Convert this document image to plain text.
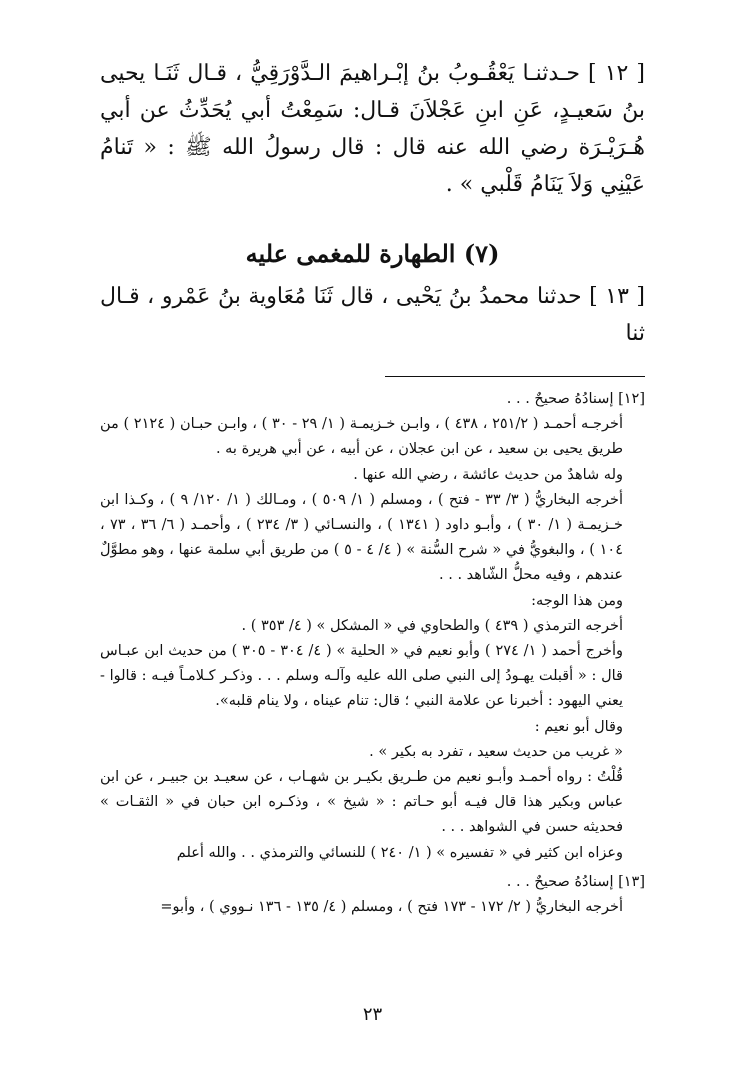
[ ١٢ ] حـدثنـا يَعْقُـوبُ بنُ إبْـراهيمَ الـدَّوْرَقِيُّ ، قـال ثَنَـا يحيى بنُ سَعيـدٍ، عَنِ ابنِ عَجْلاَنَ قـال: سَمِعْتُ أبي يُحَدِّثُ عن أبي هُـرَيْـرَة رضي الله عنه قال : قال رسولُ الله ﷺ : « تَنامُ عَيْنِي وَلاَ يَنَامُ قَلْبي » .

(٧) الطهارة للمغمى عليه

[ ١٣ ] حدثنا محمدُ بنُ يَحْيى ، قال ثَنَا مُعَاوية بنُ عَمْرو ، قـال ثنا

[١٢] إسنادُهُ صحيحٌ . . .

أخرجـه أحمـد ( ٢٥١/٢ ، ٤٣٨ ) ، وابـن خـزيمـة ( ١/ ٢٩ - ٣٠ ) ، وابـن حبـان ( ٢١٢٤ ) من طريق يحيى بن سعيد ، عن ابن عجلان ، عن أبيه ، عن أبي هريرة به .

وله شاهدٌ من حديث عائشة ، رضي الله عنها .

أخرجه البخاريُّ ( ٣/ ٣٣ - فتح ) ، ومسلم ( ١/ ٥٠٩ ) ، ومـالك ( ١/ ١٢٠/ ٩ ) ، وكـذا ابن خـزيمـة ( ١/ ٣٠ ) ، وأبـو داود ( ١٣٤١ ) ، والنسـائي ( ٣/ ٢٣٤ ) ، وأحمـد ( ٦/ ٣٦ ، ٧٣ ، ١٠٤ ) ، والبغويُّ في « شرح السُّنة » ( ٤/ ٤ - ٥ ) من طريق أبي سلمة عنها ، وهو مطوَّلٌ عندهم ، وفيه محلُّ الشّاهد . . .

ومن هذا الوجه:

أخرجه الترمذي ( ٤٣٩ ) والطحاوي في « المشكل » ( ٤/ ٣٥٣ ) .

وأخرج أحمد ( ١/ ٢٧٤ ) وأبو نعيم في « الحلية » ( ٤/ ٣٠٤ - ٣٠٥ ) من حديث ابن عبـاس قال : « أقبلت يهـودُ إلى النبي صلى الله عليه وآلـه وسلم . . . وذكـر كـلامـاً فيـه : قالوا - يعني اليهود : أخبرنا عن علامة النبي ؛ قال: تنام عيناه ، ولا ينام قلبه».

وقال أبو نعيم :

« غريب من حديث سعيد ، تفرد به بكير » .

قُلْتُ : رواه أحمـد وأبـو نعيم من طـريق بكيـر بن شهـاب ، عن سعيـد بن جبيـر ، عن ابن عباس وبكير هذا قال فيـه أبو حـاتم : « شيخ » ، وذكـره ابن حبان في « الثقـات » فحديثه حسن في الشواهد . . .

وعزاه ابن كثير في « تفسيره » ( ١/ ٢٤٠ ) للنسائي والترمذي . . والله أعلم

[١٣] إسنادُهُ صحيحٌ . . .

أخرجه البخاريُّ ( ٢/ ١٧٢ - ١٧٣ فتح ) ، ومسلم ( ٤/ ١٣٥ - ١٣٦ نـووي ) ، وأبو=

٢٣
